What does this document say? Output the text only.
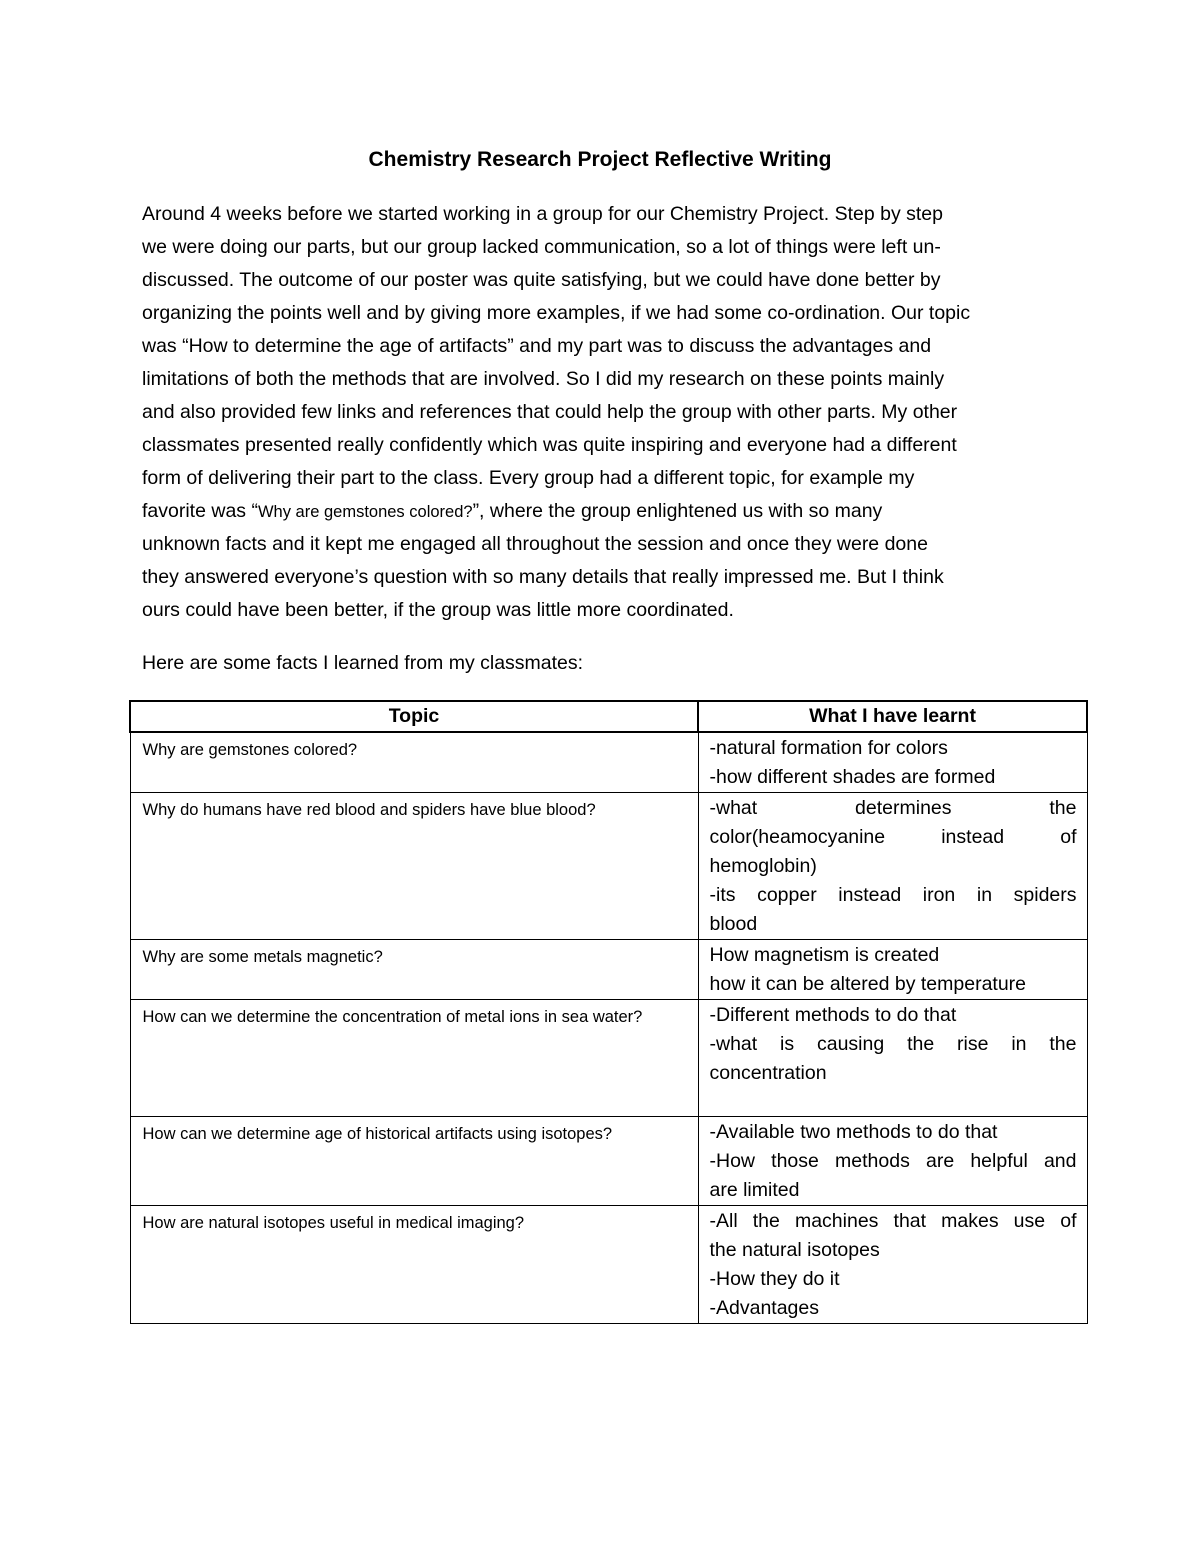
Chemistry Research Project Reflective Writing
Around 4 weeks before we started working in a group for our Chemistry Project. Step by step
we were doing our parts, but our group lacked communication, so a lot of things were left un-
discussed. The outcome of our poster was quite satisfying, but we could have done better by
organizing the points well and by giving more examples, if we had some co-ordination. Our topic
was “How to determine the age of artifacts” and my part was to discuss the advantages and
limitations of both the methods that are involved. So I did my research on these points mainly
and also provided few links and references that could help the group with other parts. My other
classmates presented really confidently which was quite inspiring and everyone had a different
form of delivering their part to the class. Every group had a different topic, for example my
favorite was “Why are gemstones colored?”, where the group enlightened us with so many
unknown facts and it kept me engaged all throughout the session and once they were done
they answered everyone’s question with so many details that really impressed me. But I think
ours could have been better, if the group was little more coordinated.

Here are some facts I learned from my classmates:

Topic	What I have learnt
Why are gemstones colored?	-natural formation for colors
-how different shades are formed

Why do humans have red blood and spiders have blue blood?	-what determines the
color(heamocyanine instead of
hemoglobin)
-its copper instead iron in spiders
blood

Why are some metals magnetic?	How magnetism is created
how it can be altered by temperature

How can we determine the concentration of metal ions in sea water?	-Different methods to do that
-what is causing the rise in the
concentration

How can we determine age of historical artifacts using isotopes?	-Available two methods to do that
-How those methods are helpful and
are limited

How are natural isotopes useful in medical imaging?	-All the machines that makes use of
the natural isotopes
-How they do it
-Advantages
